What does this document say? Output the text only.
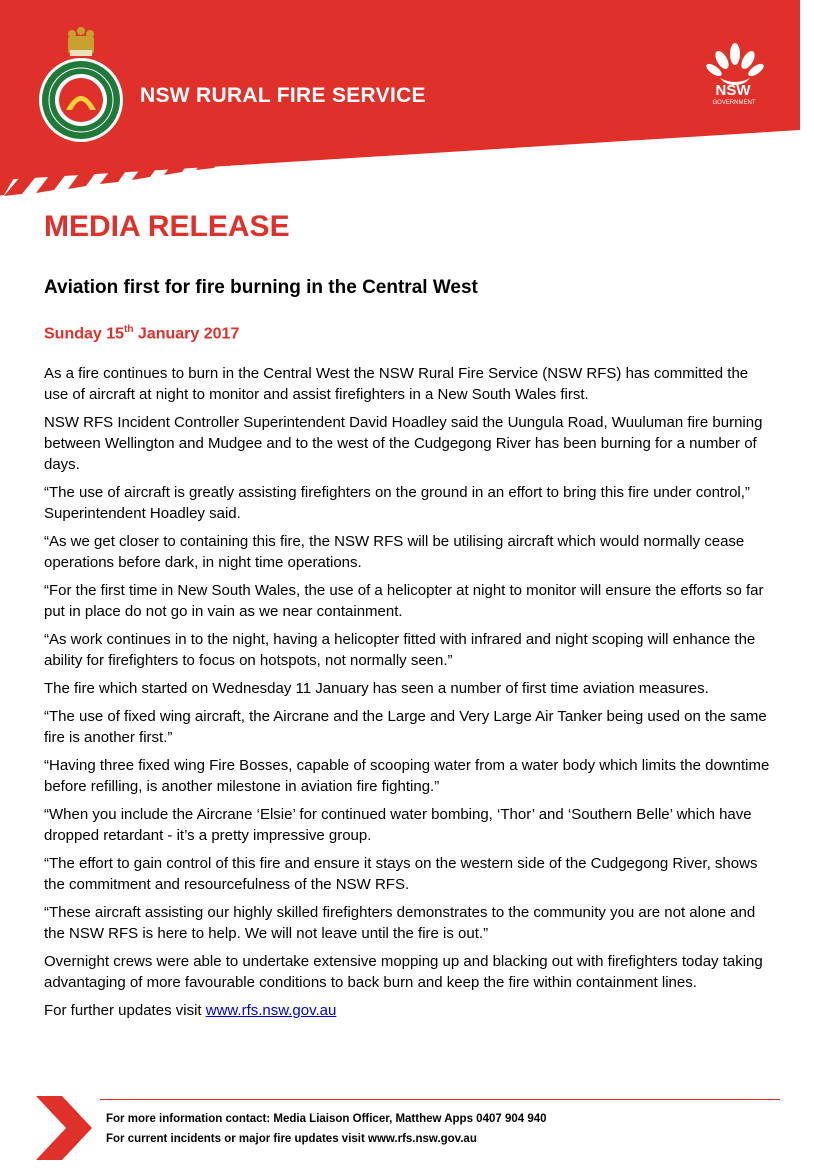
NSW RURAL FIRE SERVICE	NSW
GOVERNMENT
MEDIA RELEASE
Aviation first for fire burning in the Central West
Sunday 15th January 2017

As a fire continues to burn in the Central West the NSW Rural Fire Service (NSW RFS) has committed the use of aircraft at night to monitor and assist firefighters in a New South Wales first.

NSW RFS Incident Controller Superintendent David Hoadley said the Uungula Road, Wuuluman fire burning between Wellington and Mudgee and to the west of the Cudgegong River has been burning for a number of days.

“The use of aircraft is greatly assisting firefighters on the ground in an effort to bring this fire under control,” Superintendent Hoadley said.

“As we get closer to containing this fire, the NSW RFS will be utilising aircraft which would normally cease operations before dark, in night time operations.

“For the first time in New South Wales, the use of a helicopter at night to monitor will ensure the efforts so far put in place do not go in vain as we near containment.

“As work continues in to the night, having a helicopter fitted with infrared and night scoping will enhance the ability for firefighters to focus on hotspots, not normally seen.”

The fire which started on Wednesday 11 January has seen a number of first time aviation measures.

“The use of fixed wing aircraft, the Aircrane and the Large and Very Large Air Tanker being used on the same fire is another first.”

“Having three fixed wing Fire Bosses, capable of scooping water from a water body which limits the downtime before refilling, is another milestone in aviation fire fighting.”

“When you include the Aircrane ‘Elsie’ for continued water bombing, ‘Thor’ and ‘Southern Belle’ which have dropped retardant - it’s a pretty impressive group.

“The effort to gain control of this fire and ensure it stays on the western side of the Cudgegong River, shows the commitment and resourcefulness of the NSW RFS.

“These aircraft assisting our highly skilled firefighters demonstrates to the community you are not alone and the NSW RFS is here to help. We will not leave until the fire is out.”

Overnight crews were able to undertake extensive mopping up and blacking out with firefighters today taking advantaging of more favourable conditions to back burn and keep the fire within containment lines.

For further updates visit www.rfs.nsw.gov.au

For more information contact: Media Liaison Officer, Matthew Apps 0407 904 940
For current incidents or major fire updates visit www.rfs.nsw.gov.au
